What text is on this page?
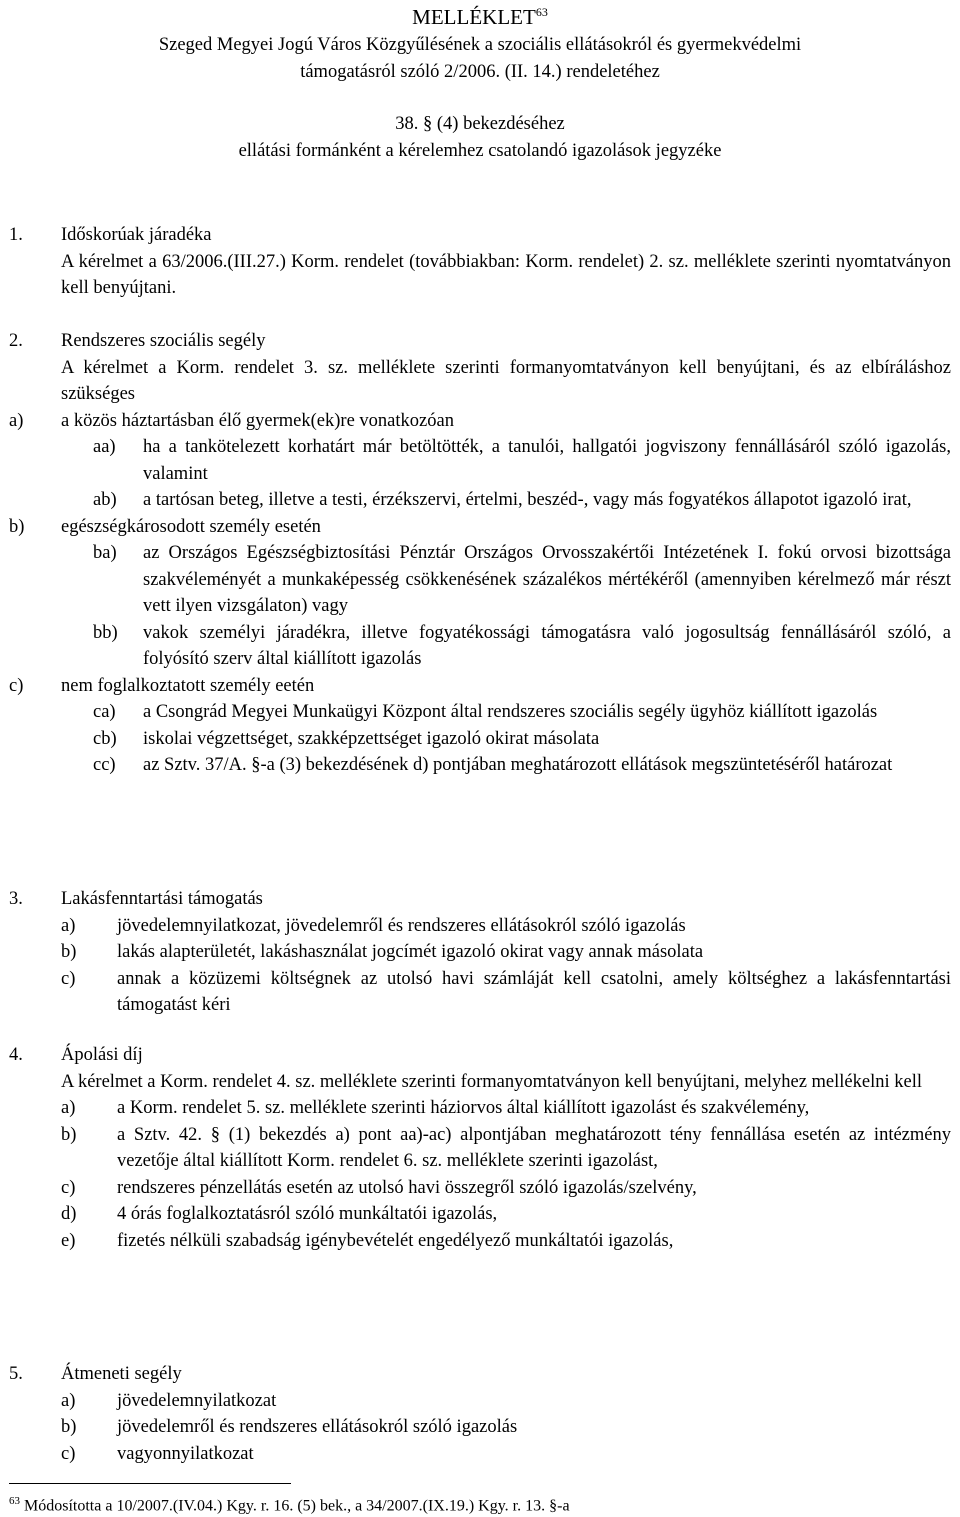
MELLÉKLET$^{63}$
Szeged Megyei Jogú Város Közgyűlésének a szociális ellátásokról és gyermekvédelmi
támogatásról szóló 2/2006. (II. 14.) rendeletéhez
38. § (4) bekezdéséhez
ellátási formánként a kérelemhez csatolandó igazolások jegyzéke
1. Időskorúak járadéka
A kérelmet a 63/2006.(III.27.) Korm. rendelet (továbbiakban: Korm. rendelet) 2. sz. melléklete szerinti nyomtatványon kell benyújtani.
2. Rendszeres szociális segély
A kérelmet a Korm. rendelet 3. sz. melléklete szerinti formanyomtatványon kell benyújtani, és az elbíráláshoz szükséges
a) a közös háztartásban élő gyermek(ek)re vonatkozóan
aa) ha a tankötelezett korhatárt már betöltötték, a tanulói, hallgatói jogviszony fennállásáról szóló igazolás, valamint
ab) a tartósan beteg, illetve a testi, érzékszervi, értelmi, beszéd-, vagy más fogyatékos állapotot igazoló irat,
b) egészségkárosodott személy esetén
ba) az Országos Egészségbiztosítási Pénztár Országos Orvosszakértői Intézetének I. fokú orvosi bizottsága szakvéleményét a munkaképesség csökkenésének százalékos mértékéről (amennyiben kérelmező már részt vett ilyen vizsgálaton) vagy
bb) vakok személyi járadékra, illetve fogyatékossági támogatásra való jogosultság fennállásáról szóló, a folyósító szerv által kiállított igazolás
c) nem foglalkoztatott személy eetén
ca) a Csongrád Megyei Munkaügyi Központ által rendszeres szociális segély ügyhöz kiállított igazolás
cb) iskolai végzettséget, szakképzettséget igazoló okirat másolata
cc) az Sztv. 37/A. §-a (3) bekezdésének d) pontjában meghatározott ellátások megszüntetéséről határozat
3. Lakásfenntartási támogatás
a) jövedelemnyilatkozat, jövedelemről és rendszeres ellátásokról szóló igazolás
b) lakás alapterületét, lakáshasználat jogcímét igazoló okirat vagy annak másolata
c) annak a közüzemi költségnek az utolsó havi számláját kell csatolni, amely költséghez a lakásfenntartási támogatást kéri
4. Ápolási díj
A kérelmet a Korm. rendelet 4. sz. melléklete szerinti formanyomtatványon kell benyújtani, melyhez mellékelni kell
a) a Korm. rendelet 5. sz. melléklete szerinti háziorvos által kiállított igazolást és szakvélemény,
b) a Sztv. 42. § (1) bekezdés a) pont aa)-ac) alpontjában meghatározott tény fennállása esetén az intézmény vezetője által kiállított Korm. rendelet 6. sz. melléklete szerinti igazolást,
c) rendszeres pénzellátás esetén az utolsó havi összegről szóló igazolás/szelvény,
d) 4 órás foglalkoztatásról szóló munkáltatói igazolás,
e) fizetés nélküli szabadság igénybevételét engedélyező munkáltatói igazolás,
5. Átmeneti segély
a) jövedelemnyilatkozat
b) jövedelemről és rendszeres ellátásokról szóló igazolás
c) vagyonnyilatkozat
$^{63}$ Módosította a 10/2007.(IV.04.) Kgy. r. 16. (5) bek., a 34/2007.(IX.19.) Kgy. r. 13. §-a
